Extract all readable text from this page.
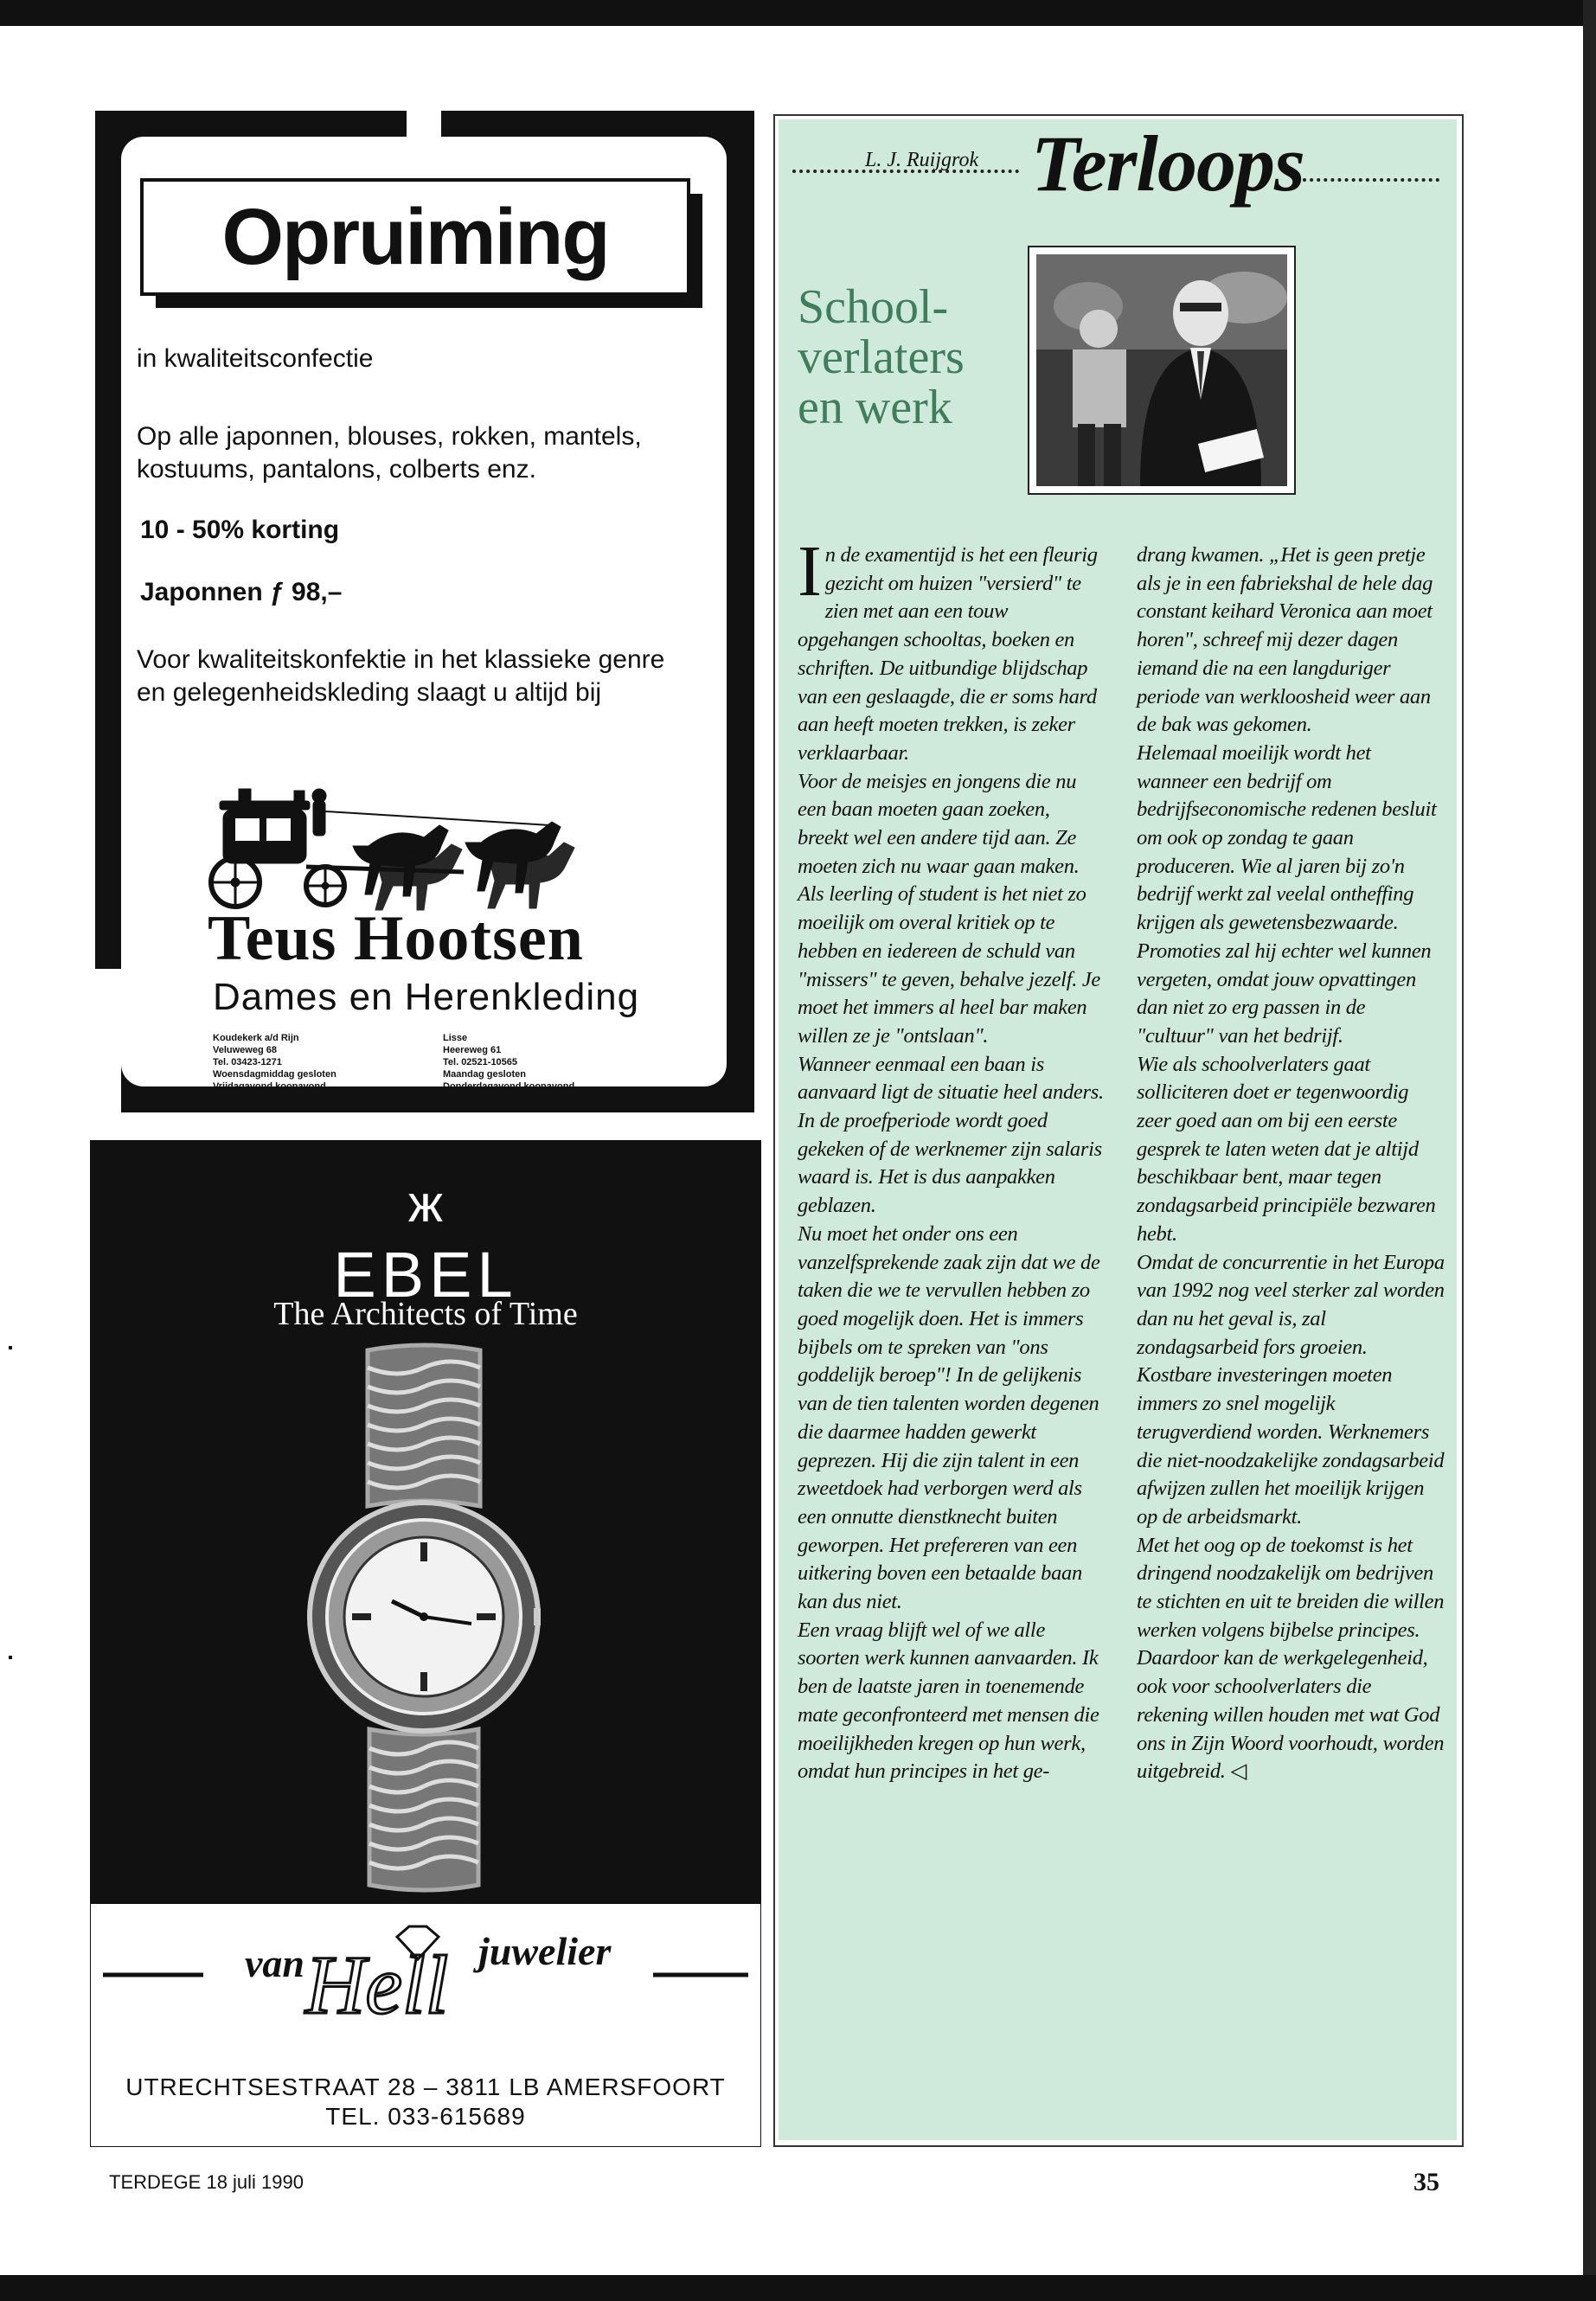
Opruiming
in kwaliteitsconfectie
Op alle japonnen, blouses, rokken, mantels, kostuums, pantalons, colberts enz.
10 - 50% korting
Japonnen ƒ 98,–
Voor kwaliteitskonfektie in het klassieke genre en gelegenheidskleding slaagt u altijd bij
Teus Hootsen
Dames en Herenkleding
Koudekerk a/d Rijn
Veluweweg 68
Tel. 03423-1271
Woensdagmiddag gesloten
Vrijdagavond koopavond
Lisse
Heereweg 61
Tel. 02521-10565
Maandag gesloten
Donderdagavond koopavond
ж
EBEL
The Architects of Time
van Hell juwelier
UTRECHTSESTRAAT 28 – 3811 LB AMERSFOORT
TEL. 033-615689
L. J. Ruijgrok Terloops
School-verlaters en werk

In de examentijd is het een fleurig gezicht om huizen "versierd" te zien met aan een touw opgehangen schooltas, boeken en schriften. De uitbundige blijdschap van een geslaagde, die er soms hard aan heeft moeten trekken, is zeker verklaarbaar.

Voor de meisjes en jongens die nu een baan moeten gaan zoeken, breekt wel een andere tijd aan. Ze moeten zich nu waar gaan maken. Als leerling of student is het niet zo moeilijk om overal kritiek op te hebben en iedereen de schuld van "missers" te geven, behalve jezelf. Je moet het immers al heel bar maken willen ze je "ontslaan".

Wanneer eenmaal een baan is aanvaard ligt de situatie heel anders. In de proefperiode wordt goed gekeken of de werknemer zijn salaris waard is. Het is dus aanpakken geblazen.

Nu moet het onder ons een vanzelfsprekende zaak zijn dat we de taken die we te vervullen hebben zo goed mogelijk doen. Het is immers bijbels om te spreken van "ons goddelijk beroep"! In de gelijkenis van de tien talenten worden degenen die daarmee hadden gewerkt geprezen. Hij die zijn talent in een zweetdoek had verborgen werd als een onnutte dienstknecht buiten geworpen. Het prefereren van een uitkering boven een betaalde baan kan dus niet.

Een vraag blijft wel of we alle soorten werk kunnen aanvaarden. Ik ben de laatste jaren in toenemende mate geconfronteerd met mensen die moeilijkheden kregen op hun werk, omdat hun principes in het ge-

drang kwamen. „Het is geen pretje als je in een fabriekshal de hele dag constant keihard Veronica aan moet horen", schreef mij dezer dagen iemand die na een langduriger periode van werkloosheid weer aan de bak was gekomen.

Helemaal moeilijk wordt het wanneer een bedrijf om bedrijfseconomische redenen besluit om ook op zondag te gaan produceren. Wie al jaren bij zo'n bedrijf werkt zal veelal ontheffing krijgen als gewetensbezwaarde. Promoties zal hij echter wel kunnen vergeten, omdat jouw opvattingen dan niet zo erg passen in de "cultuur" van het bedrijf.

Wie als schoolverlaters gaat solliciteren doet er tegenwoordig zeer goed aan om bij een eerste gesprek te laten weten dat je altijd beschikbaar bent, maar tegen zondagsarbeid principiële bezwaren hebt.

Omdat de concurrentie in het Europa van 1992 nog veel sterker zal worden dan nu het geval is, zal zondagsarbeid fors groeien. Kostbare investeringen moeten immers zo snel mogelijk terugverdiend worden. Werknemers die niet-noodzakelijke zondagsarbeid afwijzen zullen het moeilijk krijgen op de arbeidsmarkt.

Met het oog op de toekomst is het dringend noodzakelijk om bedrijven te stichten en uit te breiden die willen werken volgens bijbelse principes. Daardoor kan de werkgelegenheid, ook voor schoolverlaters die rekening willen houden met wat God ons in Zijn Woord voorhoudt, worden uitgebreid. ◁

TERDEGE 18 juli 1990	35
